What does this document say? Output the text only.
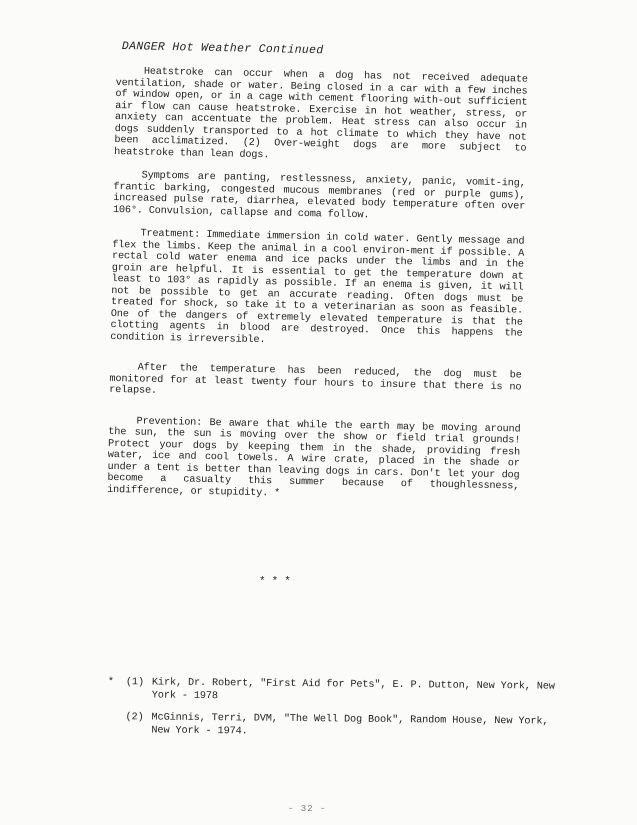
DANGER Hot Weather Continued

Heatstroke can occur when a dog has not received adequate ventilation, shade or water. Being closed in a car with a few inches of window open, or in a cage with cement flooring with-out sufficient air flow can cause heatstroke. Exercise in hot weather, stress, or anxiety can accentuate the problem. Heat stress can also occur in dogs suddenly transported to a hot climate to which they have not been acclimatized. (2) Over-weight dogs are more subject to heatstroke than lean dogs.

Symptoms are panting, restlessness, anxiety, panic, vomit-ing, frantic barking, congested mucous membranes (red or purple gums), increased pulse rate, diarrhea, elevated body temperature often over 106°. Convulsion, callapse and coma follow.

Treatment: Immediate immersion in cold water. Gently message and flex the limbs. Keep the animal in a cool environ-ment if possible. A rectal cold water enema and ice packs under the limbs and in the groin are helpful. It is essential to get the temperature down at least to 103° as rapidly as possible. If an enema is given, it will not be possible to get an accurate reading. Often dogs must be treated for shock, so take it to a veterinarian as soon as feasible. One of the dangers of extremely elevated temperature is that the clotting agents in blood are destroyed. Once this happens the condition is irreversible.

After the temperature has been reduced, the dog must be monitored for at least twenty four hours to insure that there is no relapse.

Prevention: Be aware that while the earth may be moving around the sun, the sun is moving over the show or field trial grounds! Protect your dogs by keeping them in the shade, providing fresh water, ice and cool towels. A wire crate, placed in the shade or under a tent is better than leaving dogs in cars. Don't let your dog become a casualty this summer because of thoughlessness, indifference, or stupidity. *

***
*	(1) Kirk, Dr. Robert, "First Aid for Pets", E. P. Dutton, New York, New York - 1978
(2) McGinnis, Terri, DVM, "The Well Dog Book", Random House, New York, New York - 1974.
- 32 -
